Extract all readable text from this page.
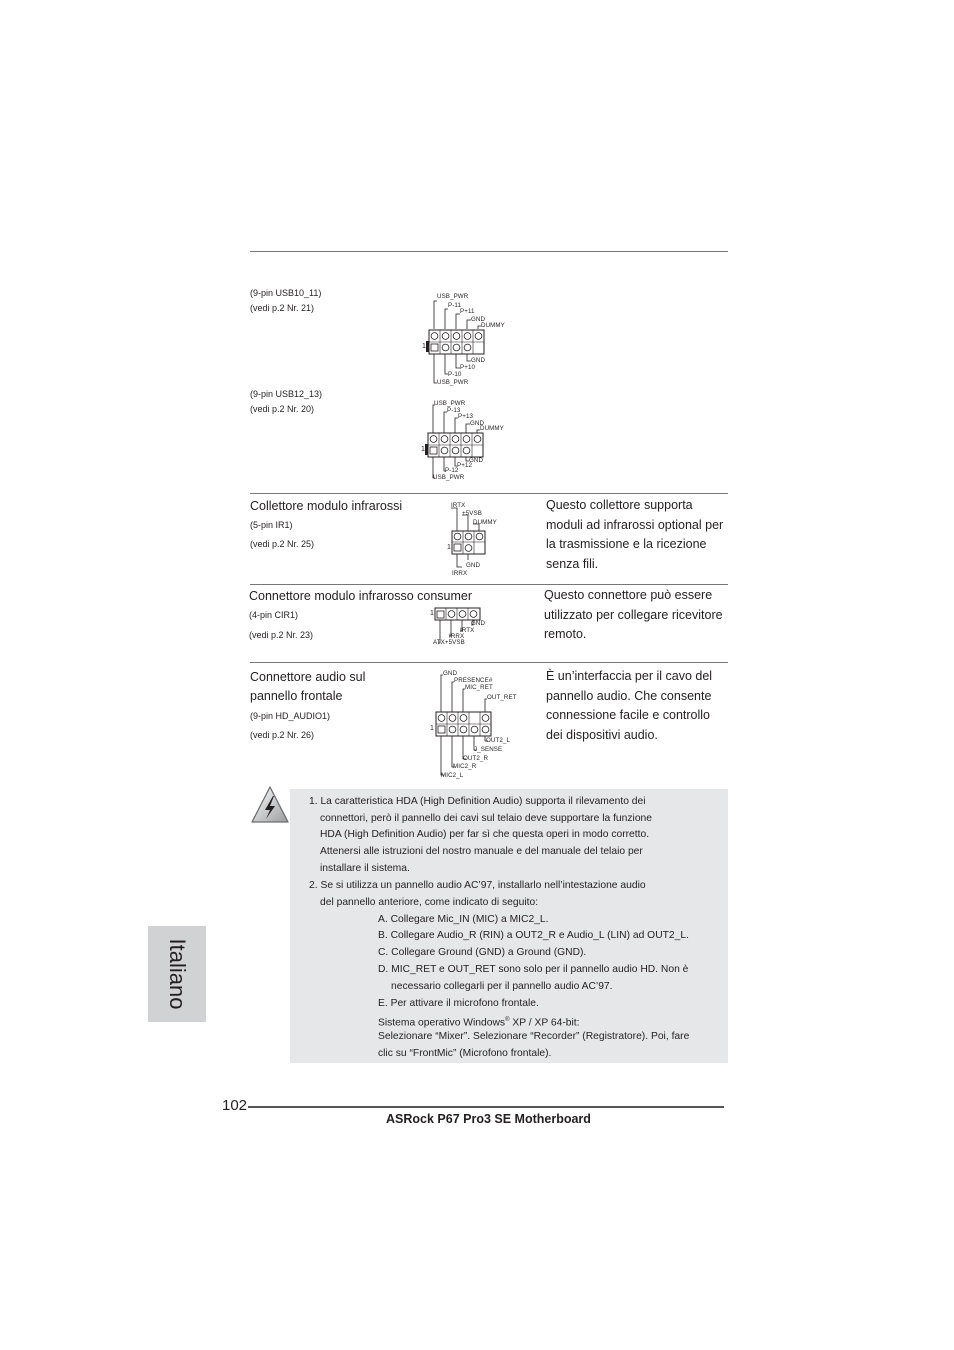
(9-pin USB10_11)
(vedi p.2 Nr. 21)
USB_PWR
P-11
P+11
GND
DUMMY
GND
P+10
P-10
USB_PWR
1
(9-pin USB12_13)
(vedi p.2 Nr. 20)
USB_PWR
P-13
P+13
GND
DUMMY
GND
P+12
P-12
USB_PWR
1
Collettore modulo infrarossi
(5-pin IR1)
(vedi p.2 Nr. 25)
Questo collettore supporta moduli ad infrarossi optional per la trasmissione e la ricezione senza fili.
IRTX
+5VSB
DUMMY
GND
IRRX
1
Connettore modulo infrarosso consumer
(4-pin CIR1)
(vedi p.2 Nr. 23)
Questo connettore può essere utilizzato per collegare ricevitore remoto.
GND
IRTX
IRRX
ATX+5VSB
1
Connettore audio sul
pannello frontale
(9-pin HD_AUDIO1)
(vedi p.2 Nr. 26)
È un’interfaccia per il cavo del pannello audio. Che consente connessione facile e controllo dei dispositivi audio.
GND
PRESENCE#
MIC_RET
OUT_RET
OUT2_L
J_SENSE
OUT2_R
MIC2_R
MIC2_L
1
1. La caratteristica HDA (High Definition Audio) supporta il rilevamento dei
connettori, però il pannello dei cavi sul telaio deve supportare la funzione
HDA (High Definition Audio) per far sì che questa operi in modo corretto.
Attenersi alle istruzioni del nostro manuale e del manuale del telaio per
installare il sistema.
2. Se si utilizza un pannello audio AC’97, installarlo nell’intestazione audio
del pannello anteriore, come indicato di seguito:
A. Collegare Mic_IN (MIC) a MIC2_L.
B. Collegare Audio_R (RIN) a OUT2_R e Audio_L (LIN) ad OUT2_L.
C. Collegare Ground (GND) a Ground (GND).
D. MIC_RET e OUT_RET sono solo per il pannello audio HD. Non è
necessario collegarli per il pannello audio AC’97.
E. Per attivare il microfono frontale.
Sistema operativo Windows® XP / XP 64-bit:
Selezionare “Mixer”. Selezionare “Recorder” (Registratore). Poi, fare
clic su “FrontMic” (Microfono frontale).
Italiano
102
ASRock P67 Pro3 SE Motherboard
